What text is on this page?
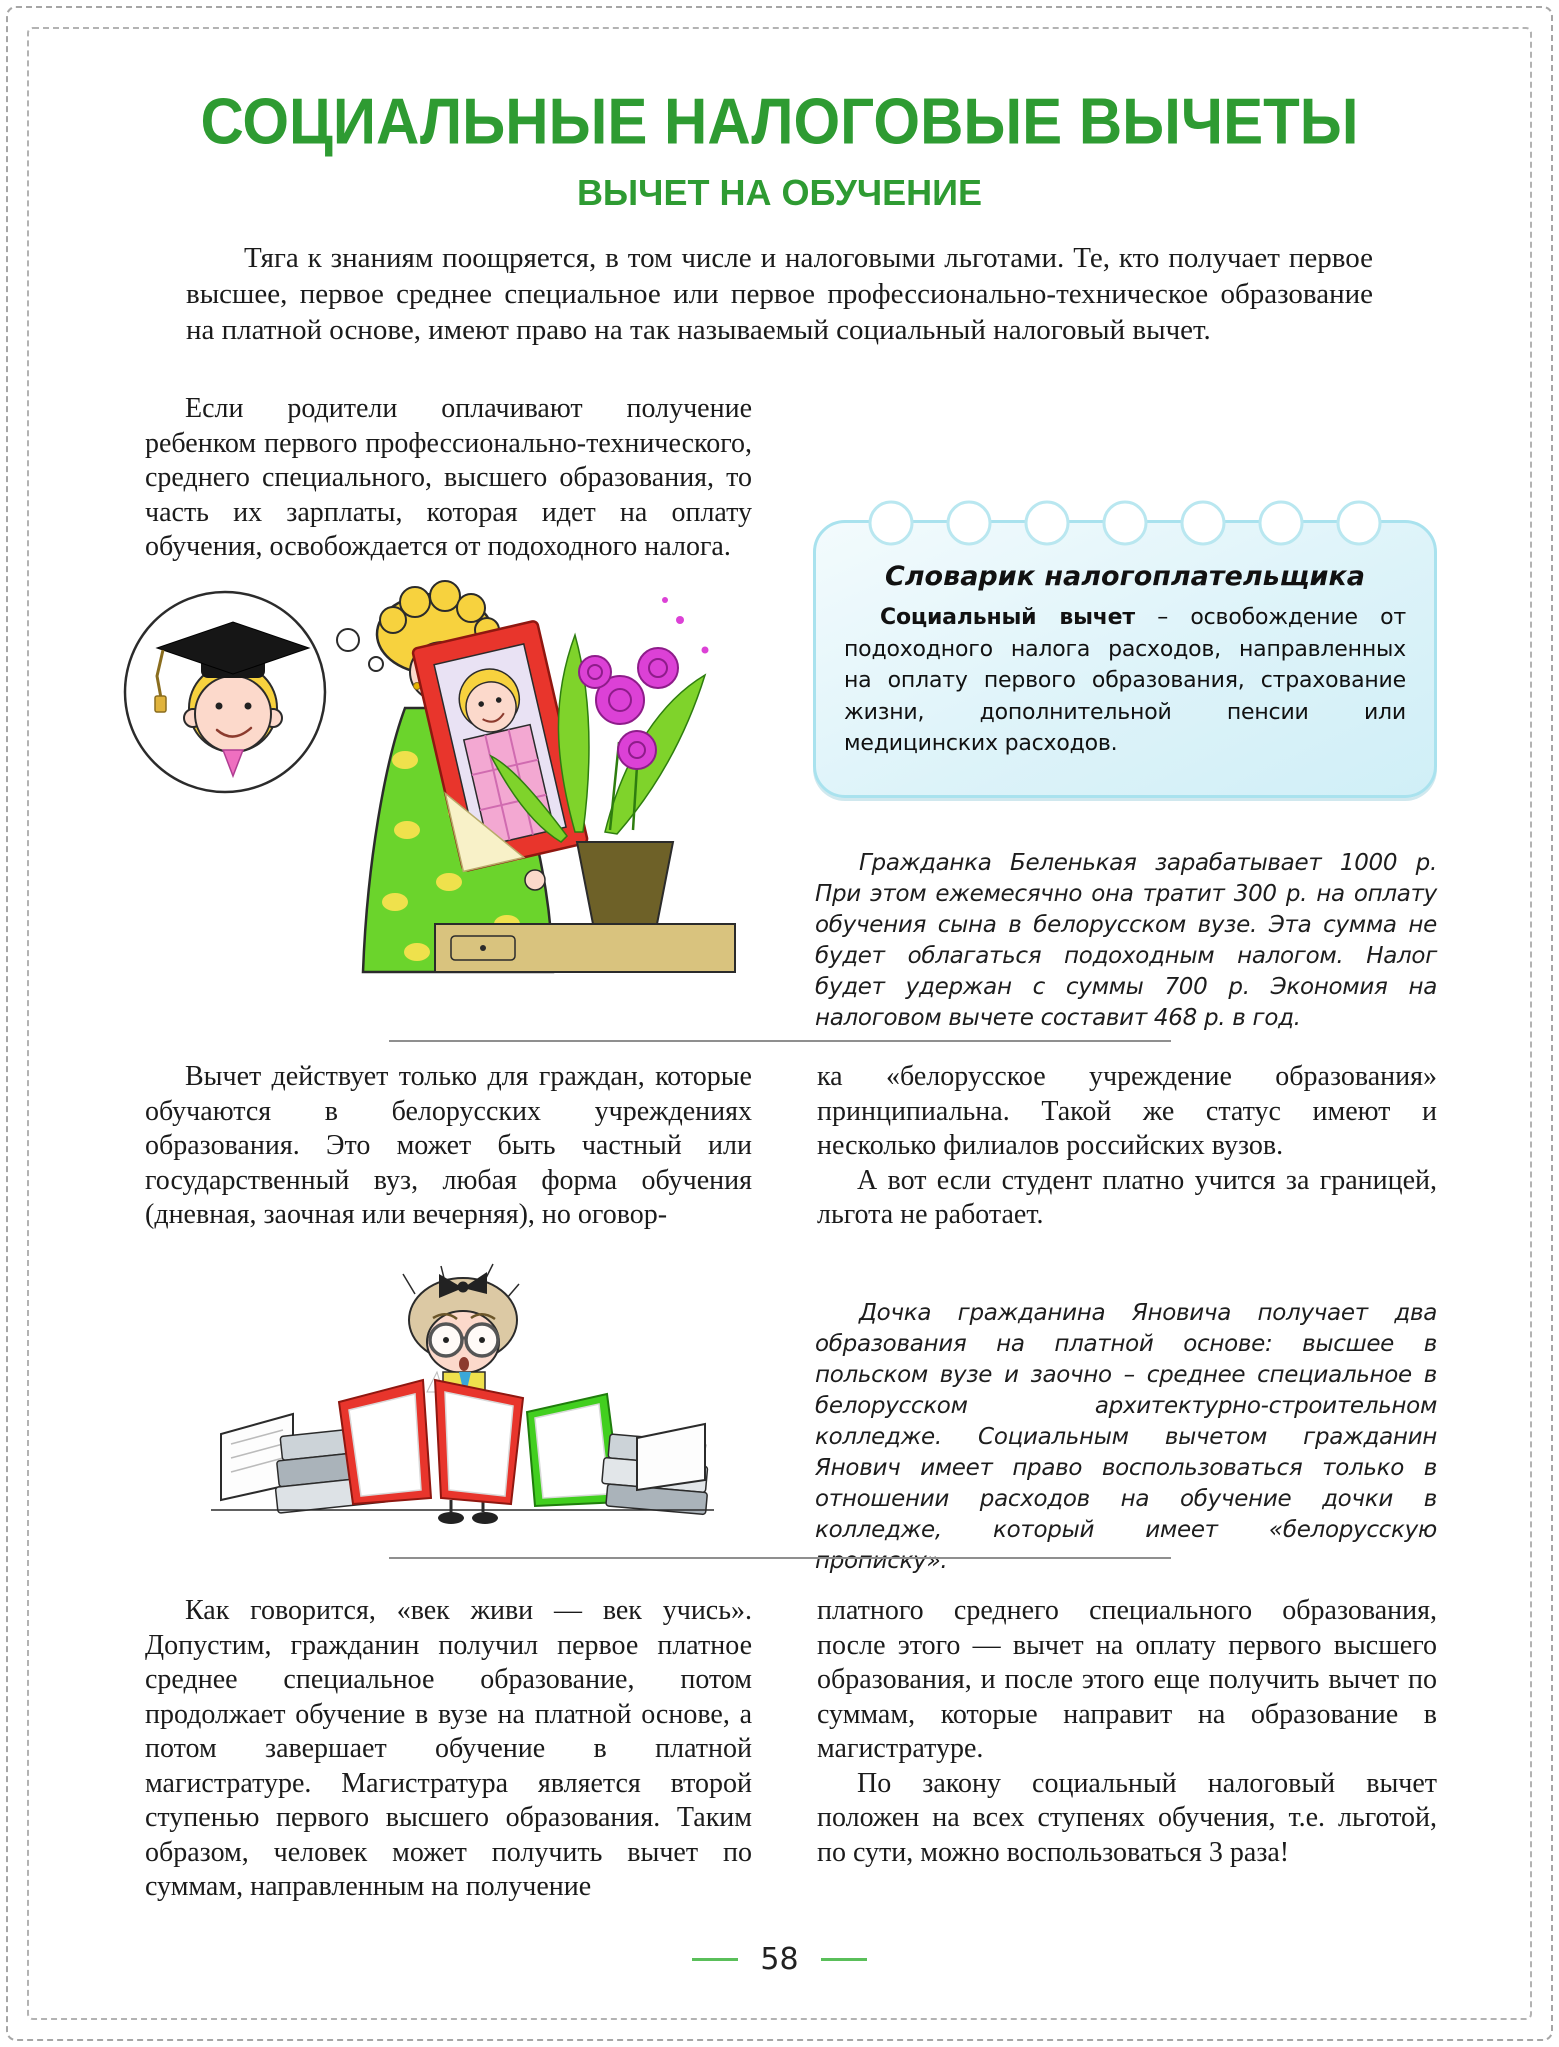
СОЦИАЛЬНЫЕ НАЛОГОВЫЕ ВЫЧЕТЫ
ВЫЧЕТ НА ОБУЧЕНИЕ

Тяга к знаниям поощряется, в том числе и налоговыми льготами. Те, кто получает первое высшее, первое среднее специальное или первое профессионально-техническое образование на платной основе, имеют право на так называемый социальный налоговый вычет.

Если родители оплачивают получение ребенком первого профессионально-технического, среднего специального, высшего образования, то часть их зарплаты, которая идет на оплату обучения, освобождается от подоходного налога.

Словарик налогоплательщика

Социальный вычет – освобождение от подоходного налога расходов, направленных на оплату первого образования, страхование жизни, дополнительной пенсии или медицинских расходов.

Гражданка Беленькая зарабатывает 1000 р. При этом ежемесячно она тратит 300 р. на оплату обучения сына в белорусском вузе. Эта сумма не будет облагаться подоходным налогом. Налог будет удержан с суммы 700 р. Экономия на налоговом вычете составит 468 р. в год.

Вычет действует только для граждан, которые обучаются в белорусских учреждениях образования. Это может быть частный или государственный вуз, любая форма обучения (дневная, заочная или вечерняя), но оговор-

ка «белорусское учреждение образования» принципиальна. Такой же статус имеют и несколько филиалов российских вузов.

А вот если студент платно учится за границей, льгота не работает.

Дочка гражданина Яновича получает два образования на платной основе: высшее в польском вузе и заочно – среднее специальное в белорусском архитектурно-строительном колледже. Социальным вычетом гражданин Янович имеет право воспользоваться только в отношении расходов на обучение дочки в колледже, который имеет «белорусскую прописку».

Как говорится, «век живи — век учись». Допустим, гражданин получил первое платное среднее специальное образование, потом продолжает обучение в вузе на платной основе, а потом завершает обучение в платной магистратуре. Магистратура является второй ступенью первого высшего образования. Таким образом, человек может получить вычет по суммам, направленным на получение

платного среднего специального образования, после этого — вычет на оплату первого высшего образования, и после этого еще получить вычет по суммам, которые направит на образование в магистратуре.

По закону социальный налоговый вычет положен на всех ступенях обучения, т.е. льготой, по сути, можно воспользоваться 3 раза!

58
